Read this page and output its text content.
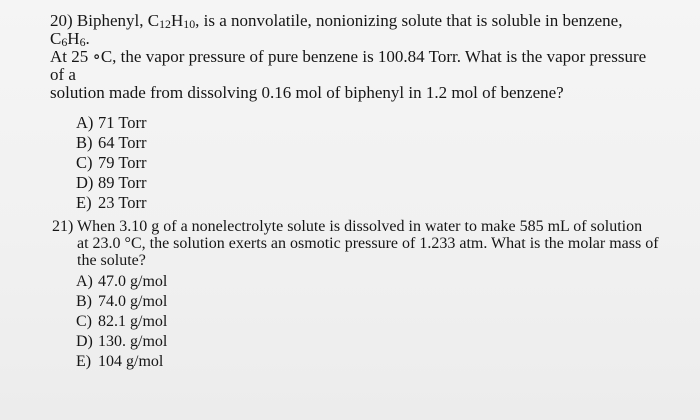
20) Biphenyl, $C_{12}H_{10}$, is a nonvolatile, nonionizing solute that is soluble in benzene, $C_6H_6$.
At 25 ∘C, the vapor pressure of pure benzene is 100.84 Torr. What is the vapor pressure of a
solution made from dissolving 0.16 mol of biphenyl in 1.2 mol of benzene?

A) 71 Torr
B) 64 Torr
C) 79 Torr
D) 89 Torr
E) 23 Torr

21) When 3.10 g of a nonelectrolyte solute is dissolved in water to make 585 mL of solution
at 23.0 °C, the solution exerts an osmotic pressure of 1.233 atm. What is the molar mass of
the solute?

A) 47.0 g/mol
B) 74.0 g/mol
C) 82.1 g/mol
D) 130. g/mol
E) 104 g/mol
